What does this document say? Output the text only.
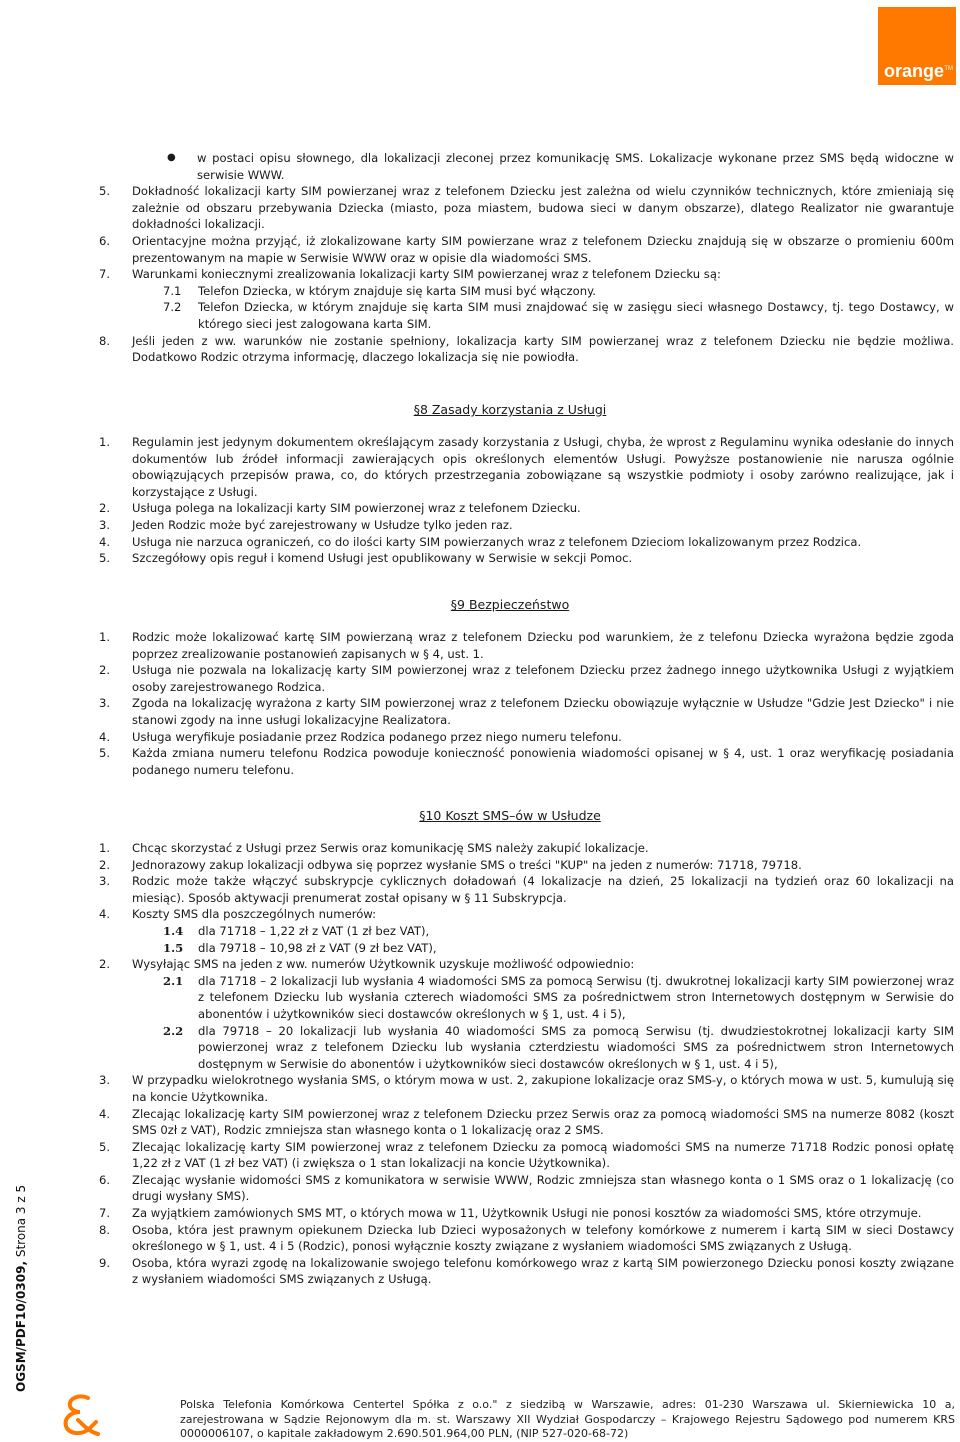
orange TM
OGSM/PDF10/0309, Strona 3 z 5
●	w postaci opisu słownego, dla lokalizacji zleconej przez komunikację SMS. Lokalizacje wykonane przez SMS będą widoczne w serwisie WWW.
5.	Dokładność lokalizacji karty SIM powierzanej wraz z telefonem Dziecku jest zależna od wielu czynników technicznych, które zmieniają się zależnie od obszaru przebywania Dziecka (miasto, poza miastem, budowa sieci w danym obszarze), dlatego Realizator nie gwarantuje dokładności lokalizacji.
6.	Orientacyjne można przyjąć, iż zlokalizowane karty SIM powierzane wraz z telefonem Dziecku znajdują się w obszarze o promieniu 600m prezentowanym na mapie w Serwisie WWW oraz w opisie dla wiadomości SMS.
7.	Warunkami koniecznymi zrealizowania lokalizacji karty SIM powierzanej wraz z telefonem Dziecku są:
7.1	Telefon Dziecka, w którym znajduje się karta SIM musi być włączony.
7.2	Telefon Dziecka, w którym znajduje się karta SIM musi znajdować się w zasięgu sieci własnego Dostawcy, tj. tego Dostawcy, w którego sieci jest zalogowana karta SIM.
8.	Jeśli jeden z ww. warunków nie zostanie spełniony, lokalizacja karty SIM powierzanej wraz z telefonem Dziecku nie będzie możliwa. Dodatkowo Rodzic otrzyma informację, dlaczego lokalizacja się nie powiodła.
§8 Zasady korzystania z Usługi
1.	Regulamin jest jedynym dokumentem określającym zasady korzystania z Usługi, chyba, że wprost z Regulaminu wynika odesłanie do innych dokumentów lub źródeł informacji zawierających opis określonych elementów Usługi. Powyższe postanowienie nie narusza ogólnie obowiązujących przepisów prawa, co, do których przestrzegania zobowiązane są wszystkie podmioty i osoby zarówno realizujące, jak i korzystające z Usługi.
2.	Usługa polega na lokalizacji karty SIM powierzonej wraz z telefonem Dziecku.
3.	Jeden Rodzic może być zarejestrowany w Usłudze tylko jeden raz.
4.	Usługa nie narzuca ograniczeń, co do ilości karty SIM powierzanych wraz z telefonem Dzieciom lokalizowanym przez Rodzica.
5.	Szczegółowy opis reguł i komend Usługi jest opublikowany w Serwisie w sekcji Pomoc.
§9 Bezpieczeństwo
1.	Rodzic może lokalizować kartę SIM powierzaną wraz z telefonem Dziecku pod warunkiem, że z telefonu Dziecka wyrażona będzie zgoda poprzez zrealizowanie postanowień zapisanych w § 4, ust. 1.
2.	Usługa nie pozwala na lokalizację karty SIM powierzonej wraz z telefonem Dziecku przez żadnego innego użytkownika Usługi z wyjątkiem osoby zarejestrowanego Rodzica.
3.	Zgoda na lokalizację wyrażona z karty SIM powierzonej wraz z telefonem Dziecku obowiązuje wyłącznie w Usłudze "Gdzie Jest Dziecko" i nie stanowi zgody na inne usługi lokalizacyjne Realizatora.
4.	Usługa weryfikuje posiadanie przez Rodzica podanego przez niego numeru telefonu.
5.	Każda zmiana numeru telefonu Rodzica powoduje konieczność ponowienia wiadomości opisanej w § 4, ust. 1 oraz weryfikację posiadania podanego numeru telefonu.
§10 Koszt SMS–ów w Usłudze
1.	Chcąc skorzystać z Usługi przez Serwis oraz komunikację SMS należy zakupić lokalizacje.
2.	Jednorazowy zakup lokalizacji odbywa się poprzez wysłanie SMS o treści "KUP" na jeden z numerów: 71718, 79718.
3.	Rodzic może także włączyć subskrypcje cyklicznych doładowań (4 lokalizacje na dzień, 25 lokalizacji na tydzień oraz 60 lokalizacji na miesiąc). Sposób aktywacji prenumerat został opisany w § 11 Subskrypcja.
4.	Koszty SMS dla poszczególnych numerów:
1.4	dla 71718 – 1,22 zł z VAT (1 zł bez VAT),
1.5	dla 79718 – 10,98 zł z VAT (9 zł bez VAT),
2.	Wysyłając SMS na jeden z ww. numerów Użytkownik uzyskuje możliwość odpowiednio:
2.1	dla 71718 – 2 lokalizacji lub wysłania 4 wiadomości SMS za pomocą Serwisu (tj. dwukrotnej lokalizacji karty SIM powierzonej wraz z telefonem Dziecku lub wysłania czterech wiadomości SMS za pośrednictwem stron Internetowych dostępnym w Serwisie do abonentów i użytkowników sieci dostawców określonych w § 1, ust. 4 i 5),
2.2	dla 79718 – 20 lokalizacji lub wysłania 40 wiadomości SMS za pomocą Serwisu (tj. dwudziestokrotnej lokalizacji karty SIM powierzonej wraz z telefonem Dziecku lub wysłania czterdziestu wiadomości SMS za pośrednictwem stron Internetowych dostępnym w Serwisie do abonentów i użytkowników sieci dostawców określonych w § 1, ust. 4 i 5),
3.	W przypadku wielokrotnego wysłania SMS, o którym mowa w ust. 2, zakupione lokalizacje oraz SMS-y, o których mowa w ust. 5, kumulują się na koncie Użytkownika.
4.	Zlecając lokalizację karty SIM powierzonej wraz z telefonem Dziecku przez Serwis oraz za pomocą wiadomości SMS na numerze 8082 (koszt SMS 0zł z VAT), Rodzic zmniejsza stan własnego konta o 1 lokalizację oraz 2 SMS.
5.	Zlecając lokalizację karty SIM powierzonej wraz z telefonem Dziecku za pomocą wiadomości SMS na numerze 71718 Rodzic ponosi opłatę 1,22 zł z VAT (1 zł bez VAT) (i zwiększa o 1 stan lokalizacji na koncie Użytkownika).
6.	Zlecając wysłanie widomości SMS z komunikatora w serwisie WWW, Rodzic zmniejsza stan własnego konta o 1 SMS oraz o 1 lokalizację (co drugi wysłany SMS).
7.	Za wyjątkiem zamówionych SMS MT, o których mowa w 11, Użytkownik Usługi nie ponosi kosztów za wiadomości SMS, które otrzymuje.
8.	Osoba, która jest prawnym opiekunem Dziecka lub Dzieci wyposażonych w telefony komórkowe z numerem i kartą SIM w sieci Dostawcy określonego w § 1, ust. 4 i 5 (Rodzic), ponosi wyłącznie koszty związane z wysłaniem wiadomości SMS związanych z Usługą.
9.	Osoba, która wyrazi zgodę na lokalizowanie swojego telefonu komórkowego wraz z kartą SIM powierzonego Dziecku ponosi koszty związane z wysłaniem wiadomości SMS związanych z Usługą.
Polska Telefonia Komórkowa Centertel Spółka z o.o." z siedzibą w Warszawie, adres: 01-230 Warszawa ul. Skierniewicka 10 a, zarejestrowana w Sądzie Rejonowym dla m. st. Warszawy XII Wydział Gospodarczy – Krajowego Rejestru Sądowego pod numerem KRS 0000006107, o kapitale zakładowym 2.690.501.964,00 PLN, (NIP 527-020-68-72)
